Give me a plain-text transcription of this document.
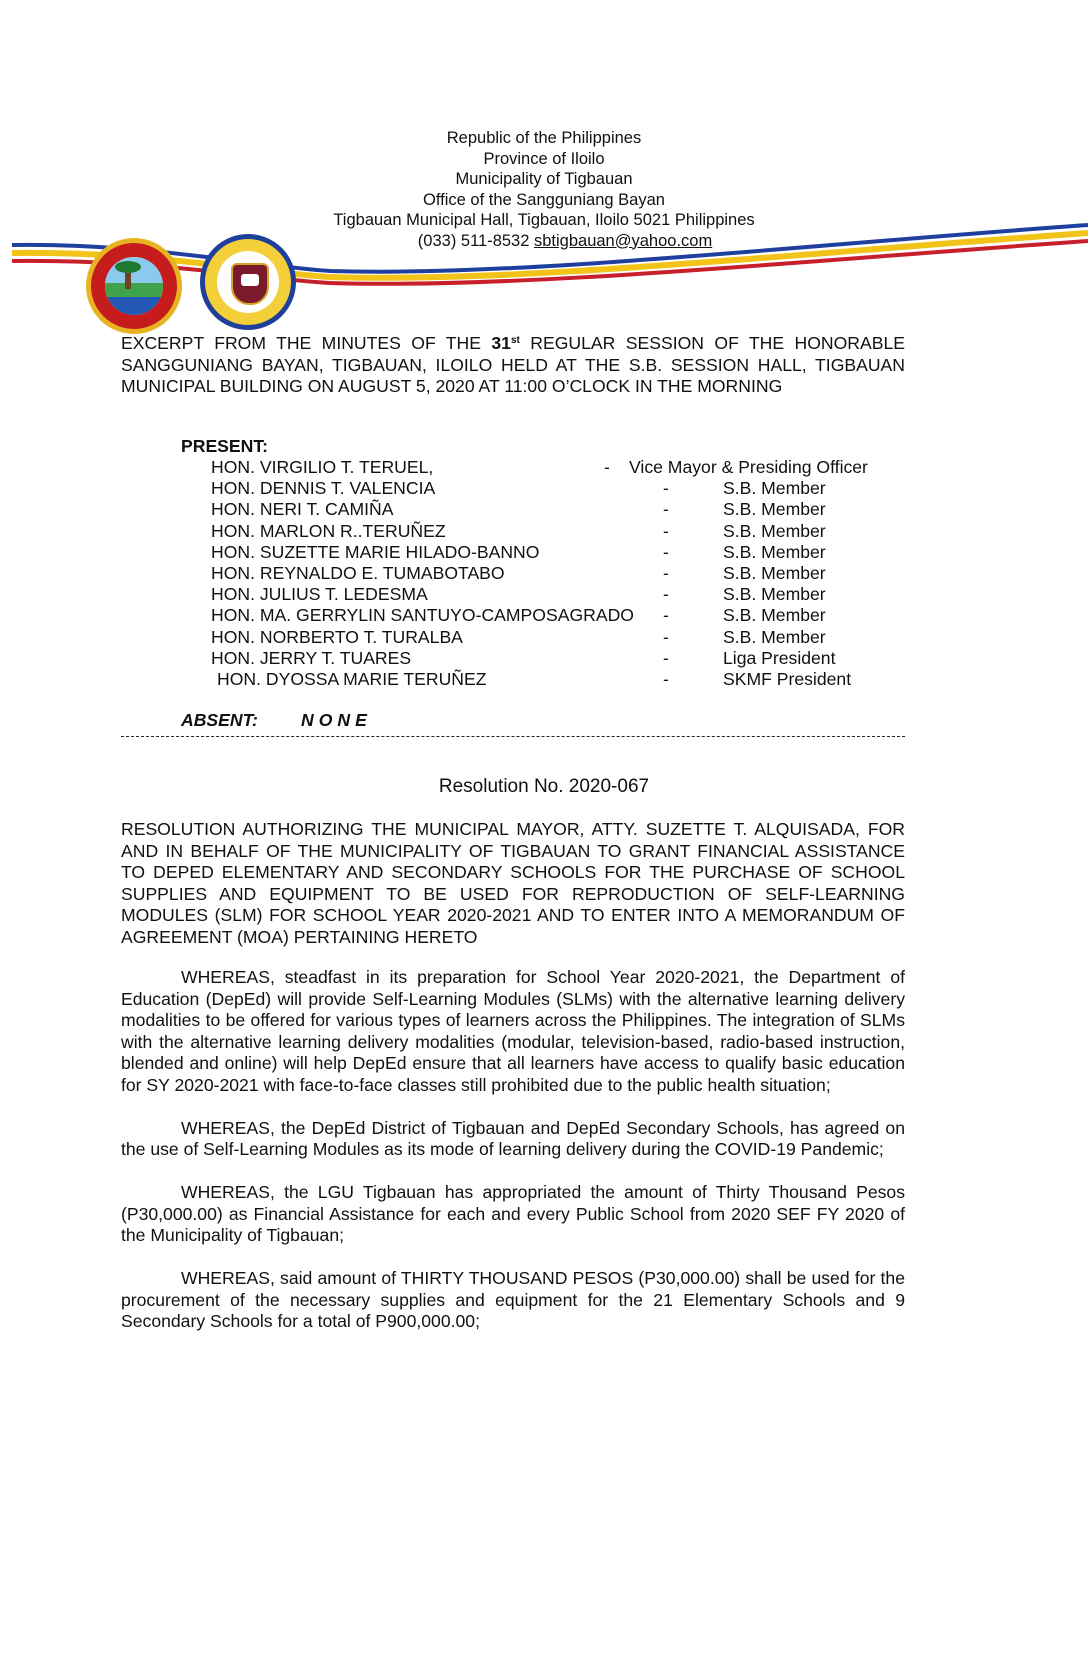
Republic of the Philippines
Province of Iloilo
Municipality of Tigbauan
Office of the Sangguniang Bayan
Tigbauan Municipal Hall, Tigbauan, Iloilo 5021 Philippines
(033) 511-8532 sbtigbauan@yahoo.com
EXCERPT FROM THE MINUTES OF THE 31st REGULAR SESSION OF THE HONORABLE SANGGUNIANG BAYAN, TIGBAUAN, ILOILO HELD AT THE S.B. SESSION HALL, TIGBAUAN MUNICIPAL BUILDING ON AUGUST 5, 2020 AT 11:00 O’CLOCK IN THE MORNING
PRESENT:
HON. VIRGILIO T. TERUEL,	- Vice Mayor & Presiding Officer
HON. DENNIS T. VALENCIA	-	S.B. Member
HON. NERI T. CAMIÑA	-	S.B. Member
HON. MARLON R..TERUÑEZ	-	S.B. Member
HON. SUZETTE MARIE HILADO-BANNO	-	S.B. Member
HON. REYNALDO E. TUMABOTABO	-	S.B. Member
HON. JULIUS T. LEDESMA	-	S.B. Member
HON. MA. GERRYLIN SANTUYO-CAMPOSAGRADO -	S.B. Member
HON. NORBERTO T. TURALBA	-	S.B. Member
HON. JERRY T. TUARES	-	Liga President
HON. DYOSSA MARIE TERUÑEZ	-	SKMF President
ABSENT: NONE
Resolution No. 2020-067
RESOLUTION AUTHORIZING THE MUNICIPAL MAYOR, ATTY. SUZETTE T. ALQUISADA, FOR AND IN BEHALF OF THE MUNICIPALITY OF TIGBAUAN TO GRANT FINANCIAL ASSISTANCE TO DEPED ELEMENTARY AND SECONDARY SCHOOLS FOR THE PURCHASE OF SCHOOL SUPPLIES AND EQUIPMENT TO BE USED FOR REPRODUCTION OF SELF-LEARNING MODULES (SLM) FOR SCHOOL YEAR 2020-2021 AND TO ENTER INTO A MEMORANDUM OF AGREEMENT (MOA) PERTAINING HERETO

WHEREAS, steadfast in its preparation for School Year 2020-2021, the Department of Education (DepEd) will provide Self-Learning Modules (SLMs) with the alternative learning delivery modalities to be offered for various types of learners across the Philippines. The integration of SLMs with the alternative learning delivery modalities (modular, television-based, radio-based instruction, blended and online) will help DepEd ensure that all learners have access to qualify basic education for SY 2020-2021 with face-to-face classes still prohibited due to the public health situation;

WHEREAS, the DepEd District of Tigbauan and DepEd Secondary Schools, has agreed on the use of Self-Learning Modules as its mode of learning delivery during the COVID-19 Pandemic;

WHEREAS, the LGU Tigbauan has appropriated the amount of Thirty Thousand Pesos (P30,000.00) as Financial Assistance for each and every Public School from 2020 SEF FY 2020 of the Municipality of Tigbauan;

WHEREAS, said amount of THIRTY THOUSAND PESOS (P30,000.00) shall be used for the procurement of the necessary supplies and equipment for the 21 Elementary Schools and 9 Secondary Schools for a total of P900,000.00;
